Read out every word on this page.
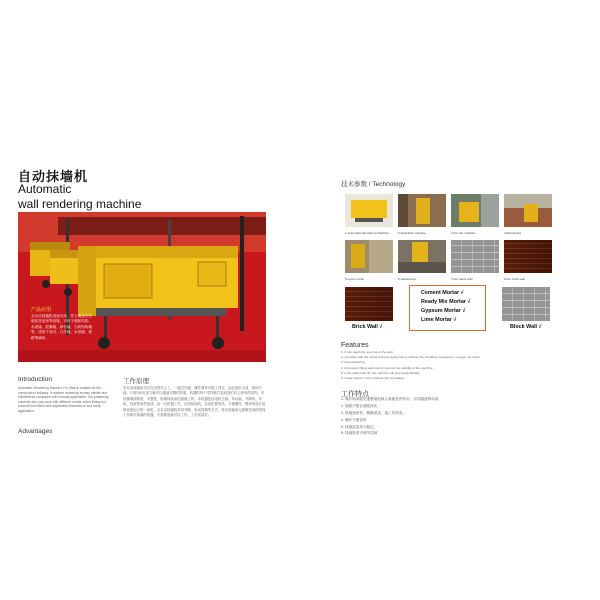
自动抹墙机
Automatic
wall rendering machine
产品应用
全自动抹墙机用途可用，并公寓室内空墙体及营房等设施，可用于墙体结构、水泥墙、混凝墙、砂石墙、石块结构墙等，适用于室内、口疗墙、水田墙、铁路等墙体。
Introduction
Automatic Rendering Machine For Wall is suitable for the construction industry. It realizes rendering excess plaster and efficientless compared with manual application. Our plastering machine also can work with different mortar which listing is a powerful tool fitted with adjustable thickness to suit every application.
Advantages
工作原理
全自动抹墙机可以完全替代人工，一键式开墙，操作简单可施工到位，而且进价合适，使用方便。只需200瓦电力就可以做墙平整的效果，机器的每个零件都打造成我们自主研发的结构。可设置墙面厚度，平整度，粉墙抹灰前后面施工的。本机器包括电机主轴、传动轴、升降机、导轨、机架等部件组成，由一台机器工作，自动抹墙机，自动化程度高，方便操作，整体的设计是将设备运行的一体机。全自动抹墙机采用升降、电动控制等方式，每次抹墙前无需做任何的放线工作即可抹墙的机器，只需插电就可以工作，工作质量好。
技术参数 / Technology
1.Automatic Rendering Machine	2.Operable machine	3.For the machine	4.Rendering
5.Lean mortar	6.Adjustment	7.For block wall	8.For brick wall
Brick Wall √
Cement Mortar √
Ready Mix Mortar √
Gypsum Mortar √
Lime Mortar √
Block Wall √
Features
1. It can reach the very top of the wall.
2. Combine with the screw and conveying belt to achieve the vibrating compaction, no gaps, no crack.
3. Fast plastering.
4. Accessory lifting work tool to improve the stability of the machine.
5. It the cable falls off, the machine will stop automatically.
6. Large hopper, more material can be loaded.
工作特点
1. 操作简单能迅速整墙机械人都能发挥作用，可以随意移动前
2. 墙面平整且墙壁抹灰
3. 抹墙速度快，精确度高，施工效率高。
4. 操作方便省时
5. 抹墙质量均匀稳定。
6. 抹墙厚度可调节控制
